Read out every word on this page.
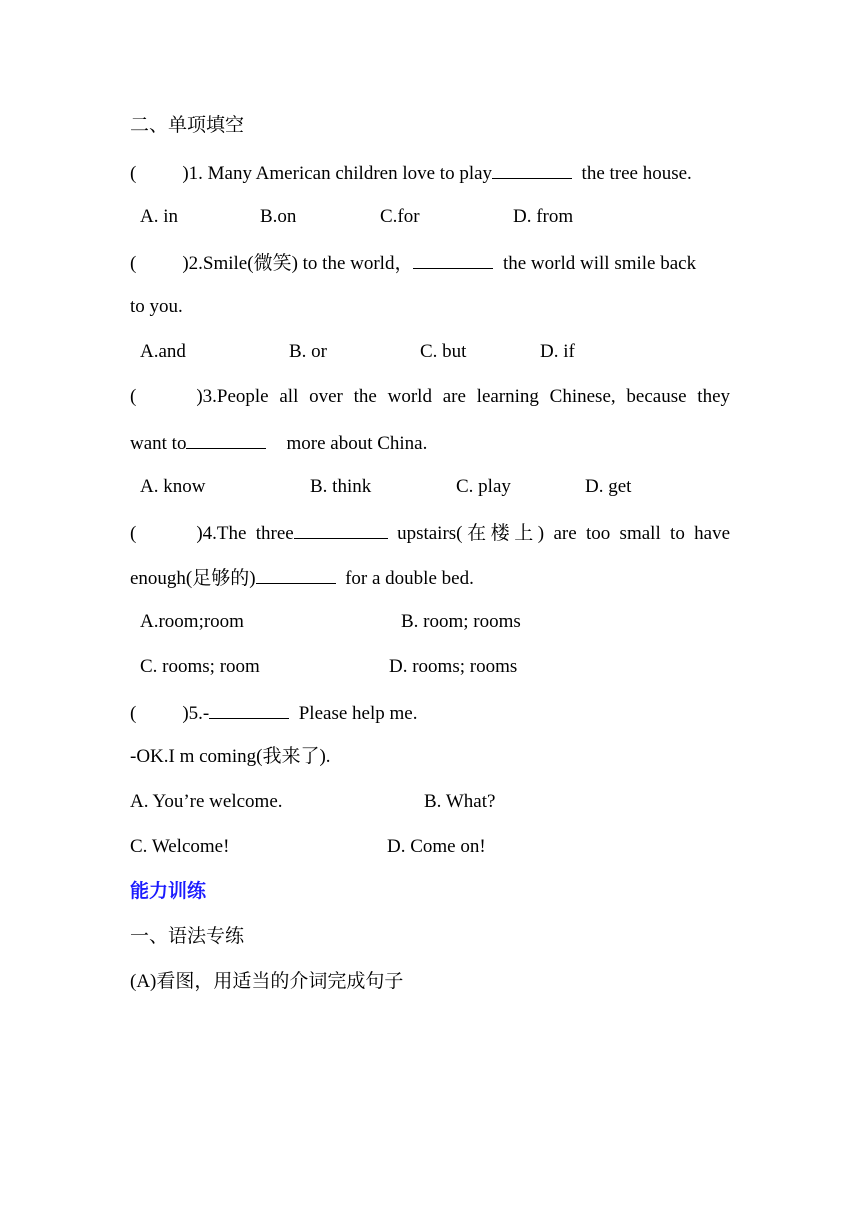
二、单项填空
( )1. Many American children love to play	the tree house.
A. in	B.on	C.for	D. from
( )2.Smile(微笑) to the world，	the world will smile back
to you.
A.and	B. or	C. but	D. if
(	)3.People all over the world are learning Chinese, because they
want to	more about China.
A. know	B. think	C. play	D. get
(	)4.The three	upstairs(在楼上) are too small to have
enough(足够的)	for a double bed.
A.room;room	B. room; rooms
C. rooms; room	D. rooms; rooms
( )5.-	Please help me.
-OK.I m coming(我来了).
A. You’re welcome.	B. What?
C. Welcome!	D. Come on!
能力训练
一、语法专练
(A)看图，用适当的介词完成句子
